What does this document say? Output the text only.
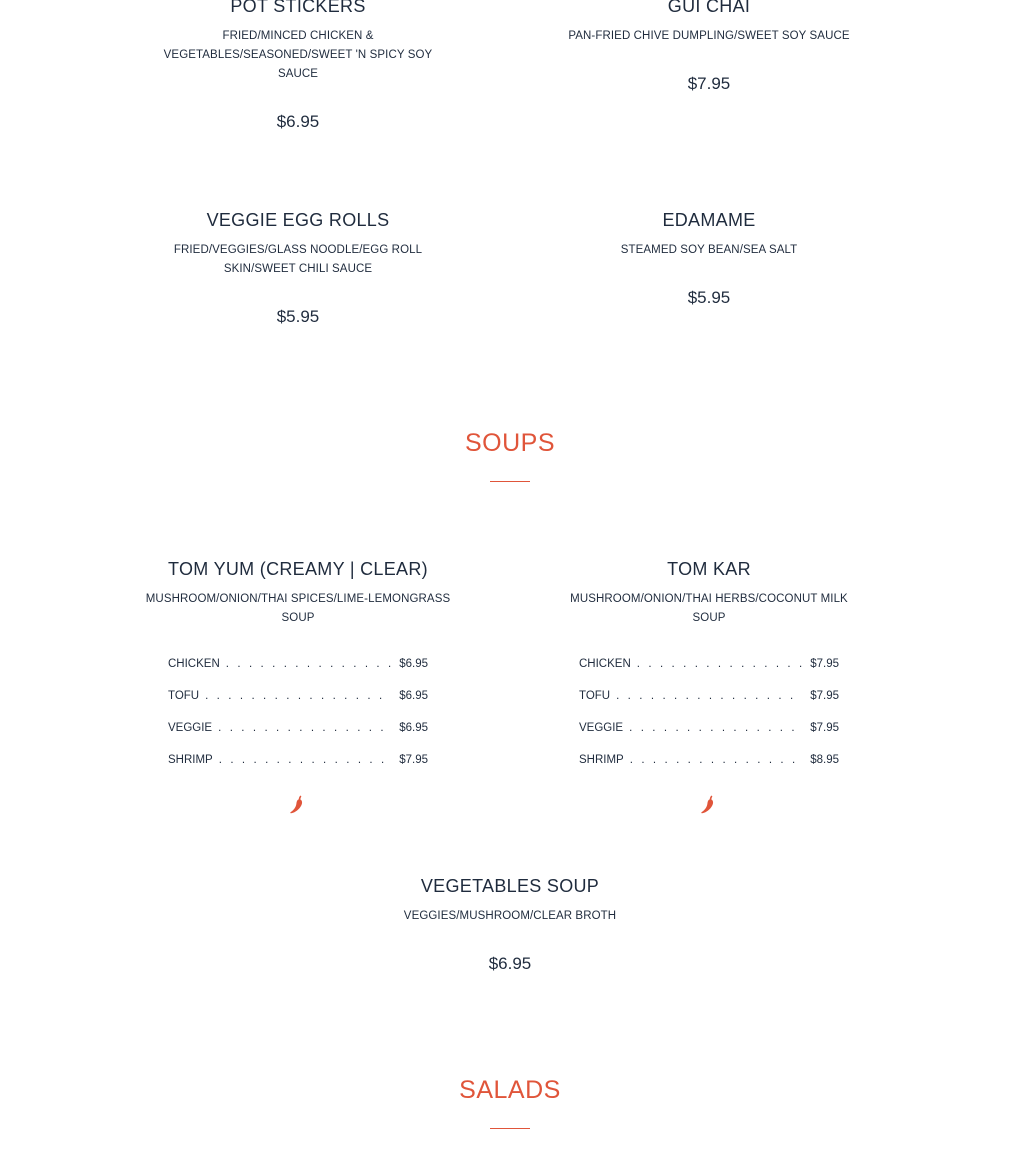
POT STICKERS
FRIED/MINCED CHICKEN & VEGETABLES/SEASONED/SWEET 'N SPICY SOY SAUCE
$6.95
GUI CHAI
PAN-FRIED CHIVE DUMPLING/SWEET SOY SAUCE
$7.95
VEGGIE EGG ROLLS
FRIED/VEGGIES/GLASS NOODLE/EGG ROLL SKIN/SWEET CHILI SAUCE
$5.95
EDAMAME
STEAMED SOY BEAN/SEA SALT
$5.95
SOUPS
TOM YUM (CREAMY | CLEAR)
MUSHROOM/ONION/THAI SPICES/LIME-LEMONGRASS SOUP
CHICKEN . . .	$6.95
TOFU . . .	$6.95
VEGGIE . . .	$6.95
SHRIMP . . .	$7.95
TOM KAR
MUSHROOM/ONION/THAI HERBS/COCONUT MILK SOUP
CHICKEN . . .	$7.95
TOFU . . .	$7.95
VEGGIE . . .	$7.95
SHRIMP . . .	$8.95
VEGETABLES SOUP
VEGGIES/MUSHROOM/CLEAR BROTH
$6.95
SALADS
